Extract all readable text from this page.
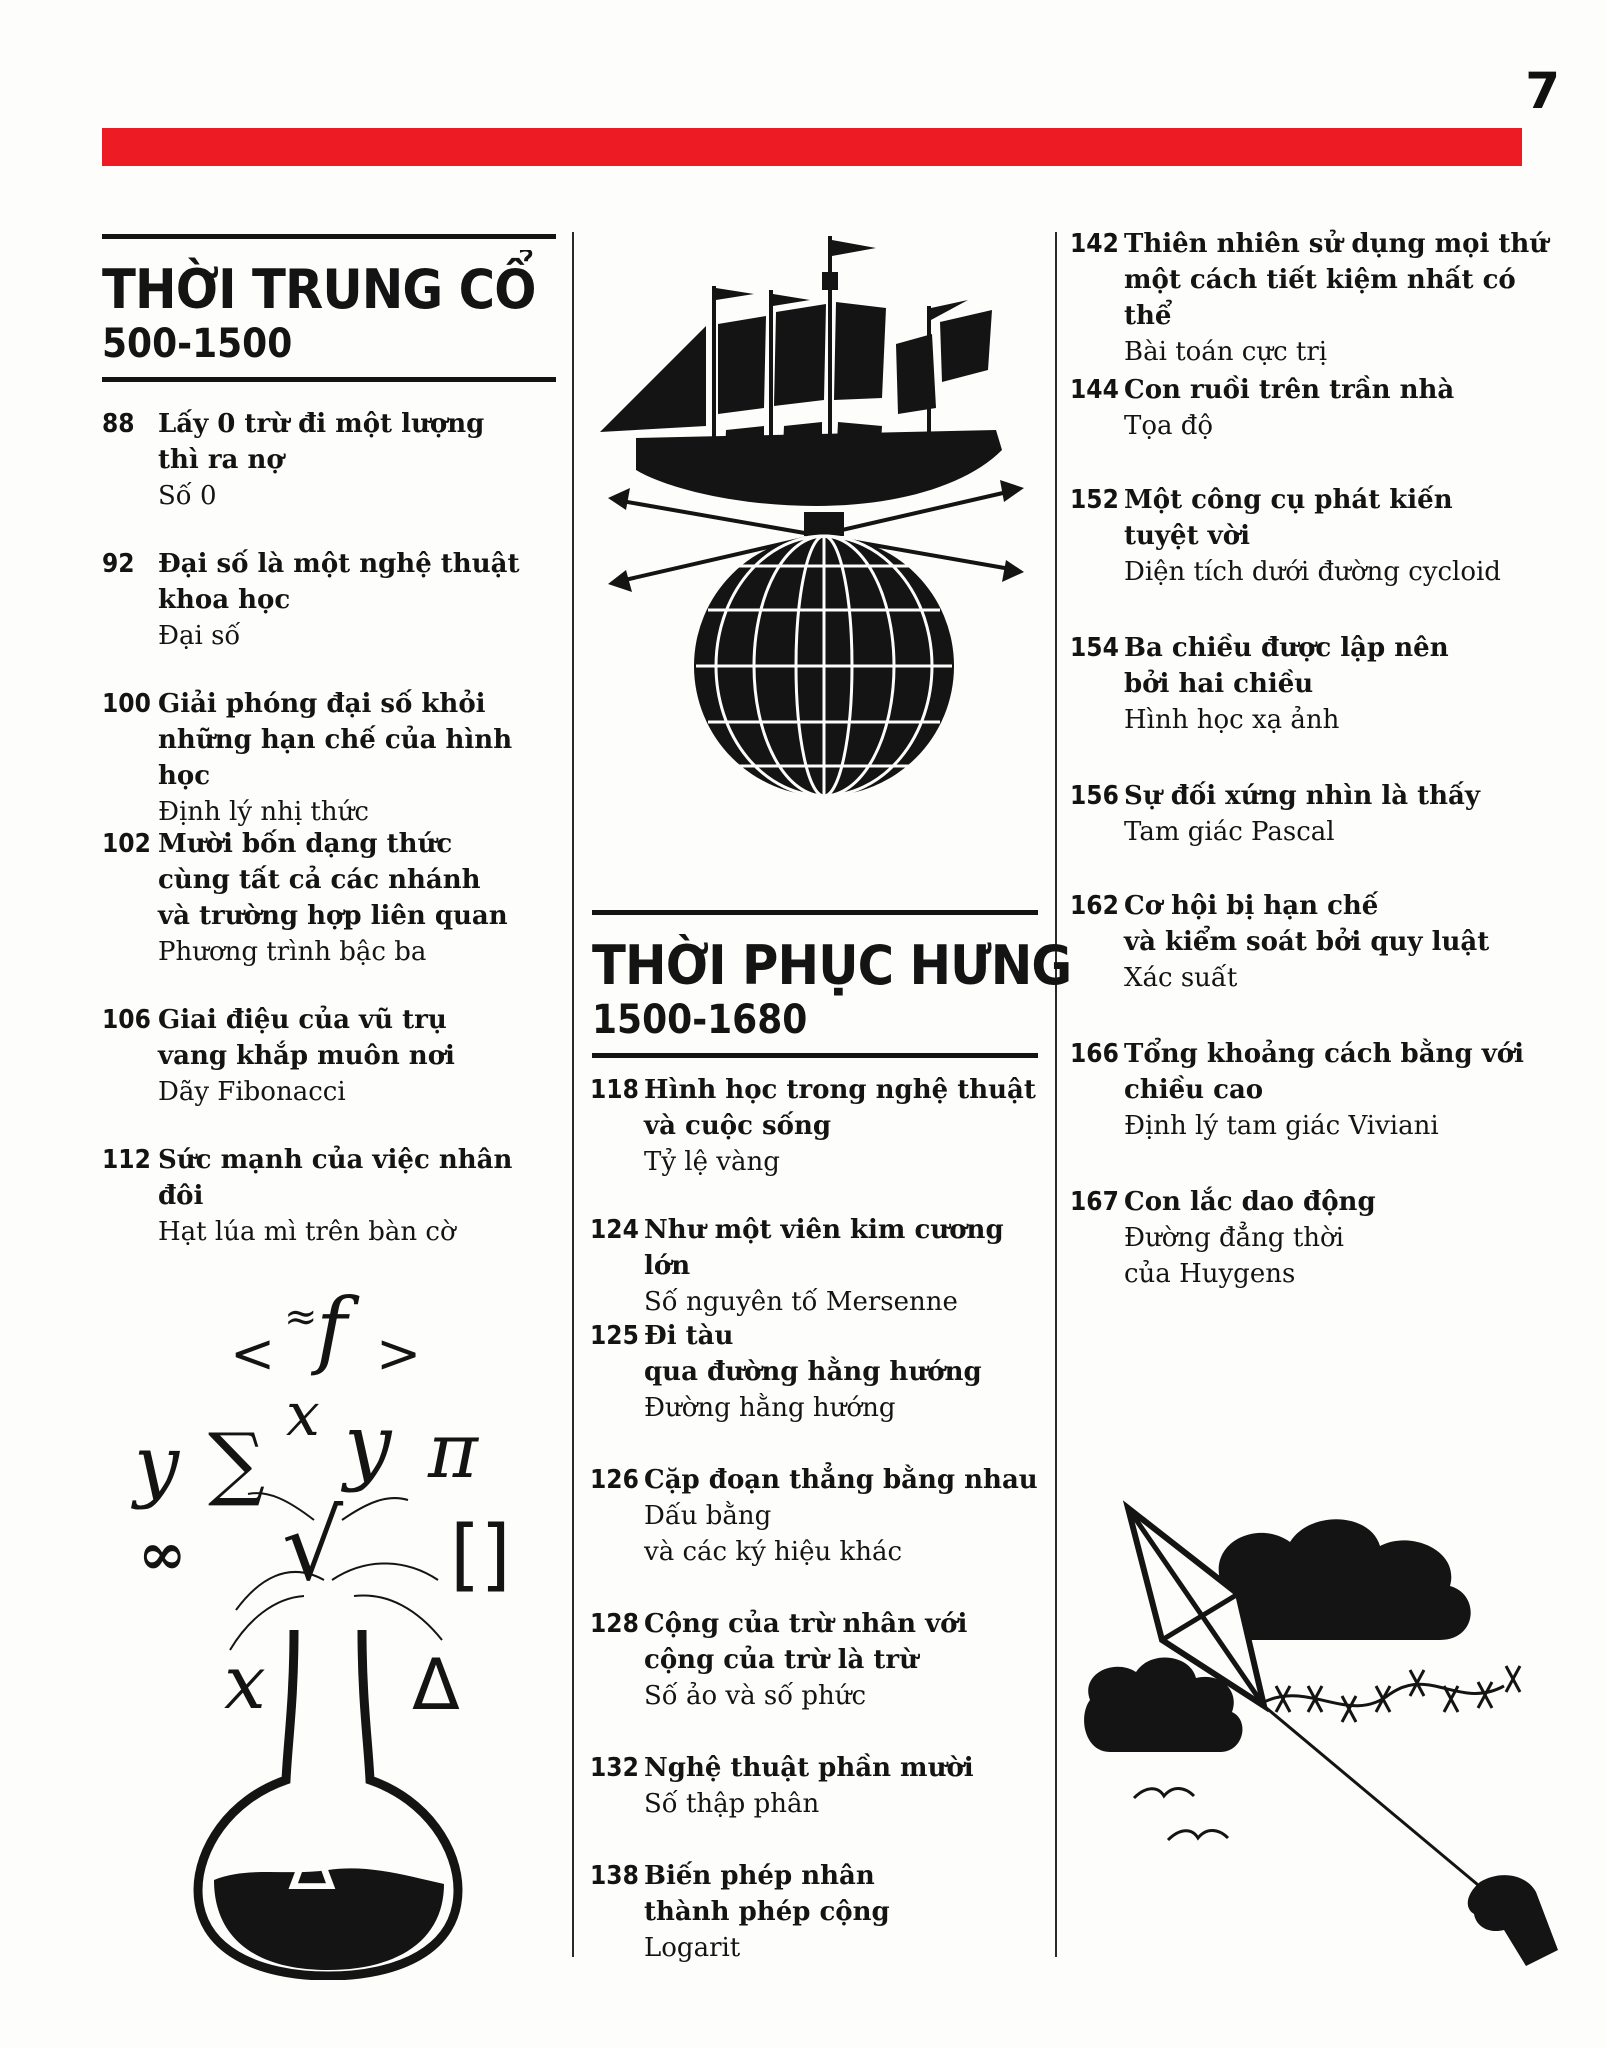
7
THỜI TRUNG CỔ
500-1500
THỜI PHỤC HƯNG
1500-1680
88 Lấy 0 trừ đi một lượng
thì ra nợ
Số 0
92 Đại số là một nghệ thuật
khoa học
Đại số
100 Giải phóng đại số khỏi
những hạn chế của hình học
Định lý nhị thức
102 Mười bốn dạng thức
cùng tất cả các nhánh
và trường hợp liên quan
Phương trình bậc ba
106 Giai điệu của vũ trụ
vang khắp muôn nơi
Dãy Fibonacci
112 Sức mạnh của việc nhân đôi
Hạt lúa mì trên bàn cờ
118 Hình học trong nghệ thuật
và cuộc sống
Tỷ lệ vàng
124 Như một viên kim cương lớn
Số nguyên tố Mersenne
125 Đi tàu
qua đường hằng hướng
Đường hằng hướng
126 Cặp đoạn thẳng bằng nhau
Dấu bằng
và các ký hiệu khác
128 Cộng của trừ nhân với
cộng của trừ là trừ
Số ảo và số phức
132 Nghệ thuật phần mười
Số thập phân
138 Biến phép nhân
thành phép cộng
Logarit
142 Thiên nhiên sử dụng mọi thứ
một cách tiết kiệm nhất có thể
Bài toán cực trị
144 Con ruồi trên trần nhà
Tọa độ
152 Một công cụ phát kiến
tuyệt vời
Diện tích dưới đường cycloid
154 Ba chiều được lập nên
bởi hai chiều
Hình học xạ ảnh
156 Sự đối xứng nhìn là thấy
Tam giác Pascal
162 Cơ hội bị hạn chế
và kiểm soát bởi quy luật
Xác suất
166 Tổng khoảng cách bằng với
chiều cao
Định lý tam giác Viviani
167 Con lắc dao động
Đường đẳng thời
của Huygens
<
≈
f >
y ∑
x y π
∞ √ []
x Δ
≈ Δ x
